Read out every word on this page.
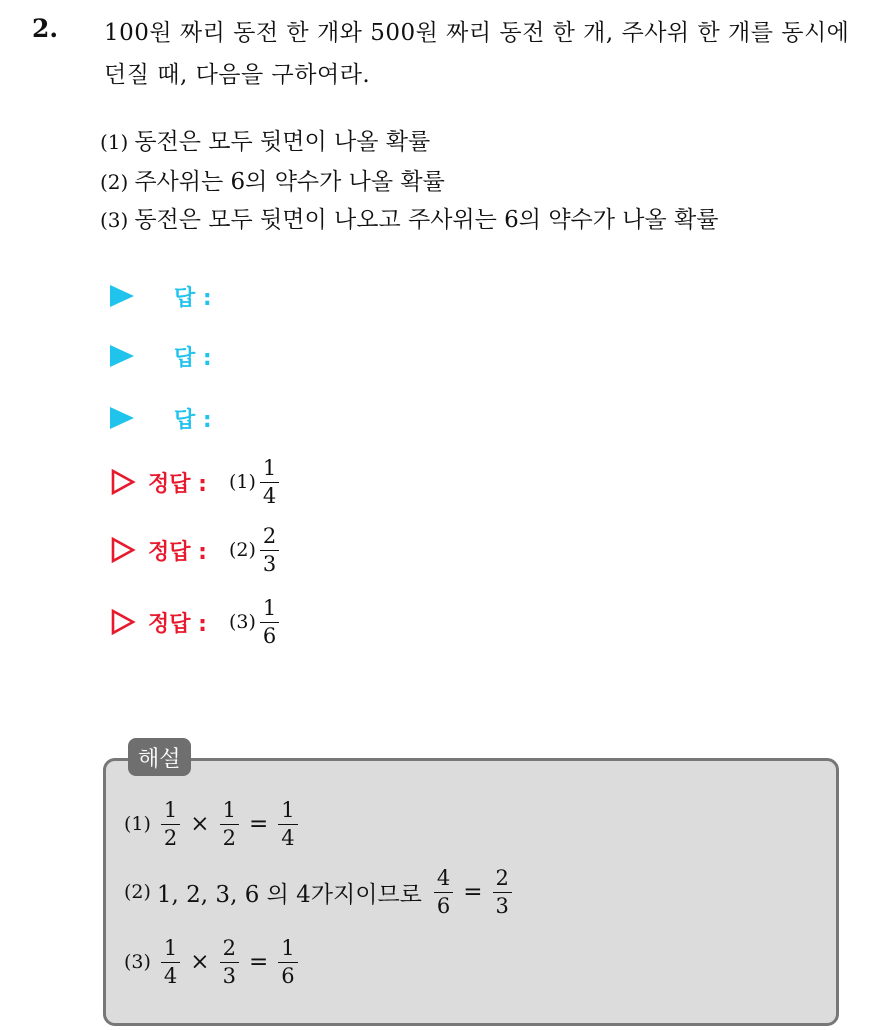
2. 100원 짜리 동전 한 개와 500원 짜리 동전 한 개, 주사위 한 개를 동시에 던질 때, 다음을 구하여라.
(1) 동전은 모두 뒷면이 나올 확률
(2) 주사위는 6의 약수가 나올 확률
(3) 동전은 모두 뒷면이 나오고 주사위는 6의 약수가 나올 확률
답 :
답 :
답 :
정답 : $(1) \frac{1}{4}$
정답 : $(2) \frac{2}{3}$
정답 : $(3) \frac{1}{6}$
해설
$(1) \frac{1}{2} \times \frac{1}{2} = \frac{1}{4}$
(2) 1, 2, 3, 6 의 4가지이므로 $\frac{4}{6} = \frac{2}{3}$
$(3) \frac{1}{4} \times \frac{2}{3} = \frac{1}{6}$
